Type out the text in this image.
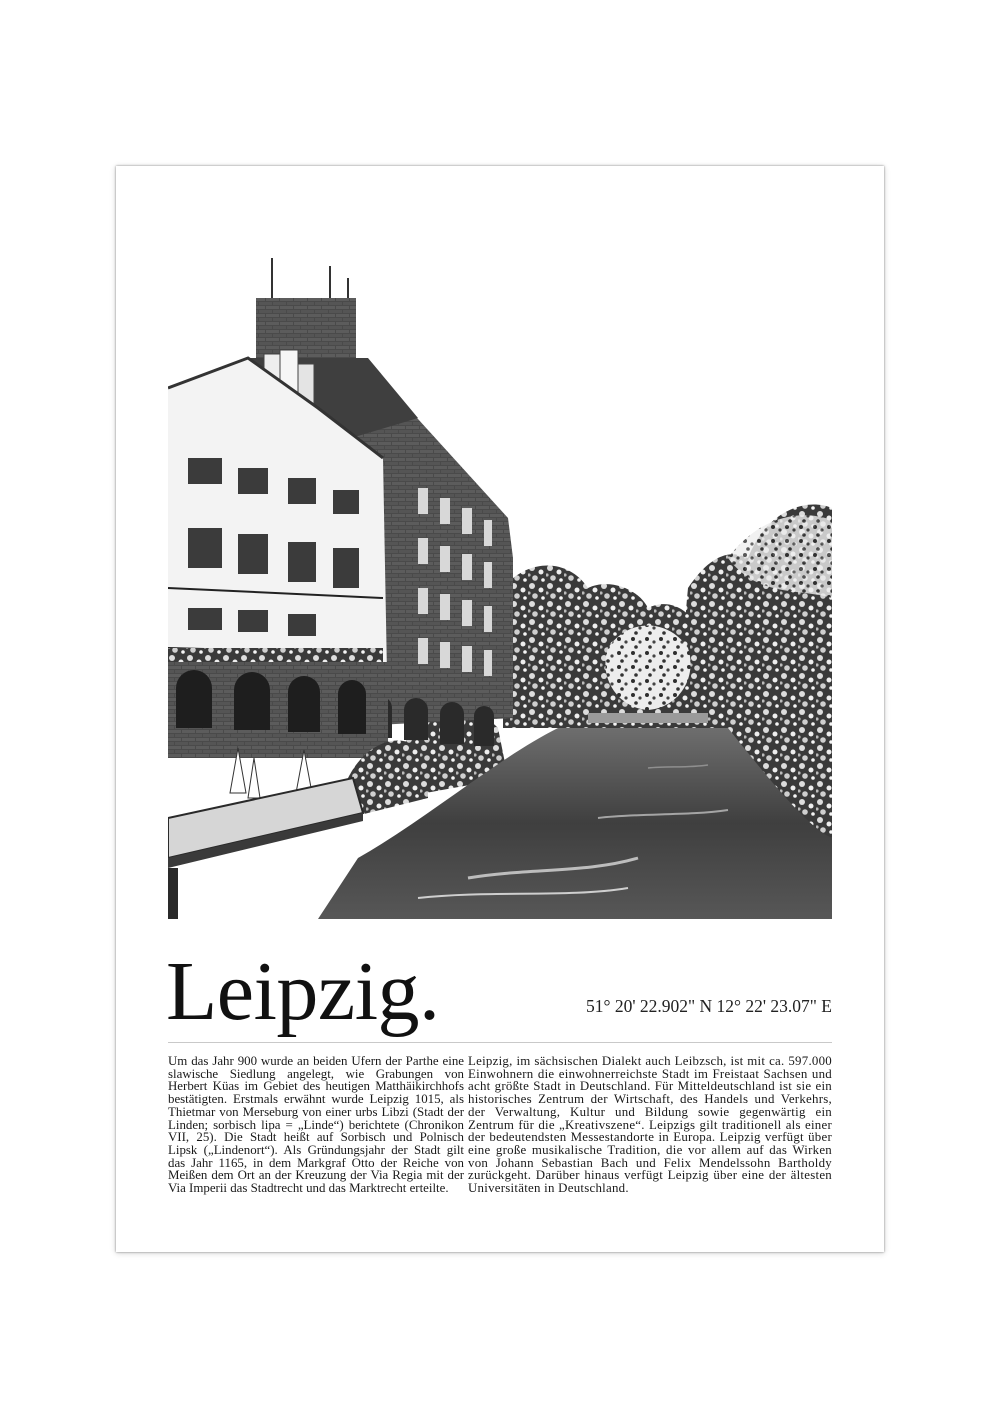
Leipzig.	51° 20' 22.902" N 12° 22' 23.07" E

Um das Jahr 900 wurde an beiden Ufern der Parthe eine slawische Siedlung angelegt, wie Grabungen von Herbert Küas im Gebiet des heutigen Matthäikirchhofs bestätigten. Erstmals erwähnt wurde Leipzig 1015, als Thietmar von Merseburg von einer urbs Libzi (Stadt der Linden; sorbisch lipa = „Linde“) berichtete (Chronikon VII, 25). Die Stadt heißt auf Sorbisch und Polnisch Lipsk („Lindenort“). Als Gründungsjahr der Stadt gilt das Jahr 1165, in dem Markgraf Otto der Reiche von Meißen dem Ort an der Kreuzung der Via Regia mit der Via Imperii das Stadtrecht und das Marktrecht erteilte.

Leipzig, im sächsischen Dialekt auch Leibzsch, ist mit ca. 597.000 Einwohnern die einwohnerreichste Stadt im Freistaat Sachsen und acht größte Stadt in Deutschland. Für Mitteldeutschland ist sie ein historisches Zentrum der Wirtschaft, des Handels und Verkehrs, der Verwaltung, Kultur und Bildung sowie gegenwärtig ein Zentrum für die „Kreativszene“. Leipzigs gilt traditionell als einer der bedeutendsten Messestandorte in Europa. Leipzig verfügt über eine große musikalische Tradition, die vor allem auf das Wirken von Johann Sebastian Bach und Felix Mendelssohn Bartholdy zurückgeht. Darüber hinaus verfügt Leipzig über eine der ältesten Universitäten in Deutschland.
